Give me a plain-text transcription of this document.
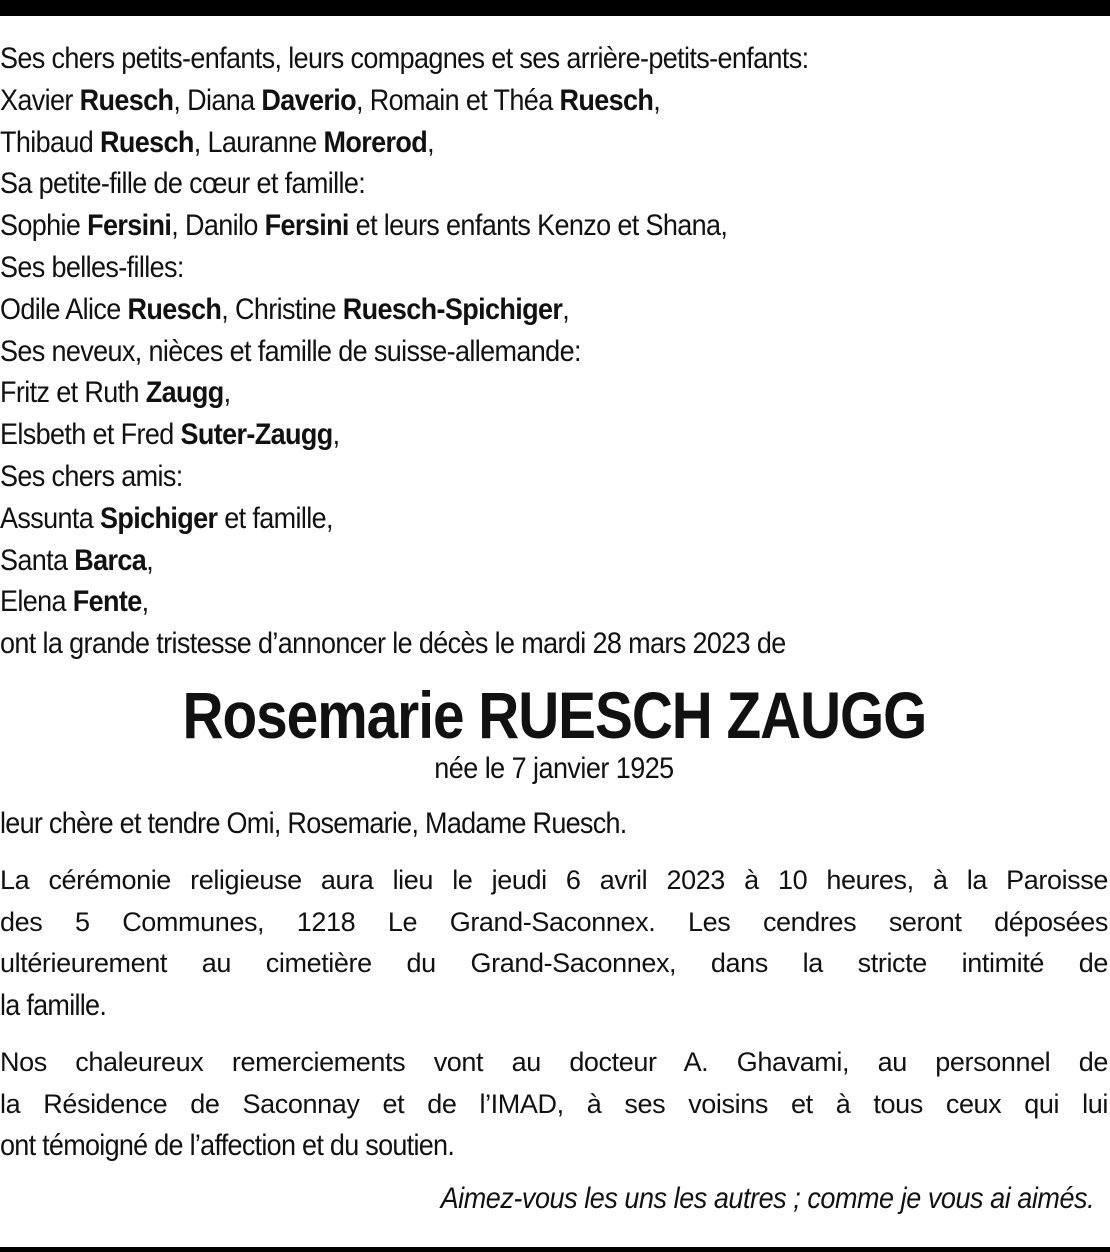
Ses chers petits-enfants, leurs compagnes et ses arrière-petits-enfants:
Xavier Ruesch, Diana Daverio, Romain et Théa Ruesch,
Thibaud Ruesch, Lauranne Morerod,
Sa petite-fille de cœur et famille:
Sophie Fersini, Danilo Fersini et leurs enfants Kenzo et Shana,
Ses belles-filles:
Odile Alice Ruesch, Christine Ruesch-Spichiger,
Ses neveux, nièces et famille de suisse-allemande:
Fritz et Ruth Zaugg,
Elsbeth et Fred Suter-Zaugg,
Ses chers amis:
Assunta Spichiger et famille,
Santa Barca,
Elena Fente,
ont la grande tristesse d’annoncer le décès le mardi 28 mars 2023 de
Rosemarie RUESCH ZAUGG
née le 7 janvier 1925
leur chère et tendre Omi, Rosemarie, Madame Ruesch.
La cérémonie religieuse aura lieu le jeudi 6 avril 2023 à 10 heures, à la Paroisse
des 5 Communes, 1218 Le Grand-Saconnex. Les cendres seront déposées
ultérieurement au cimetière du Grand-Saconnex, dans la stricte intimité de
la famille.
Nos chaleureux remerciements vont au docteur A. Ghavami, au personnel de
la Résidence de Saconnay et de l’IMAD, à ses voisins et à tous ceux qui lui
ont témoigné de l’affection et du soutien.
Aimez-vous les uns les autres ; comme je vous ai aimés.
